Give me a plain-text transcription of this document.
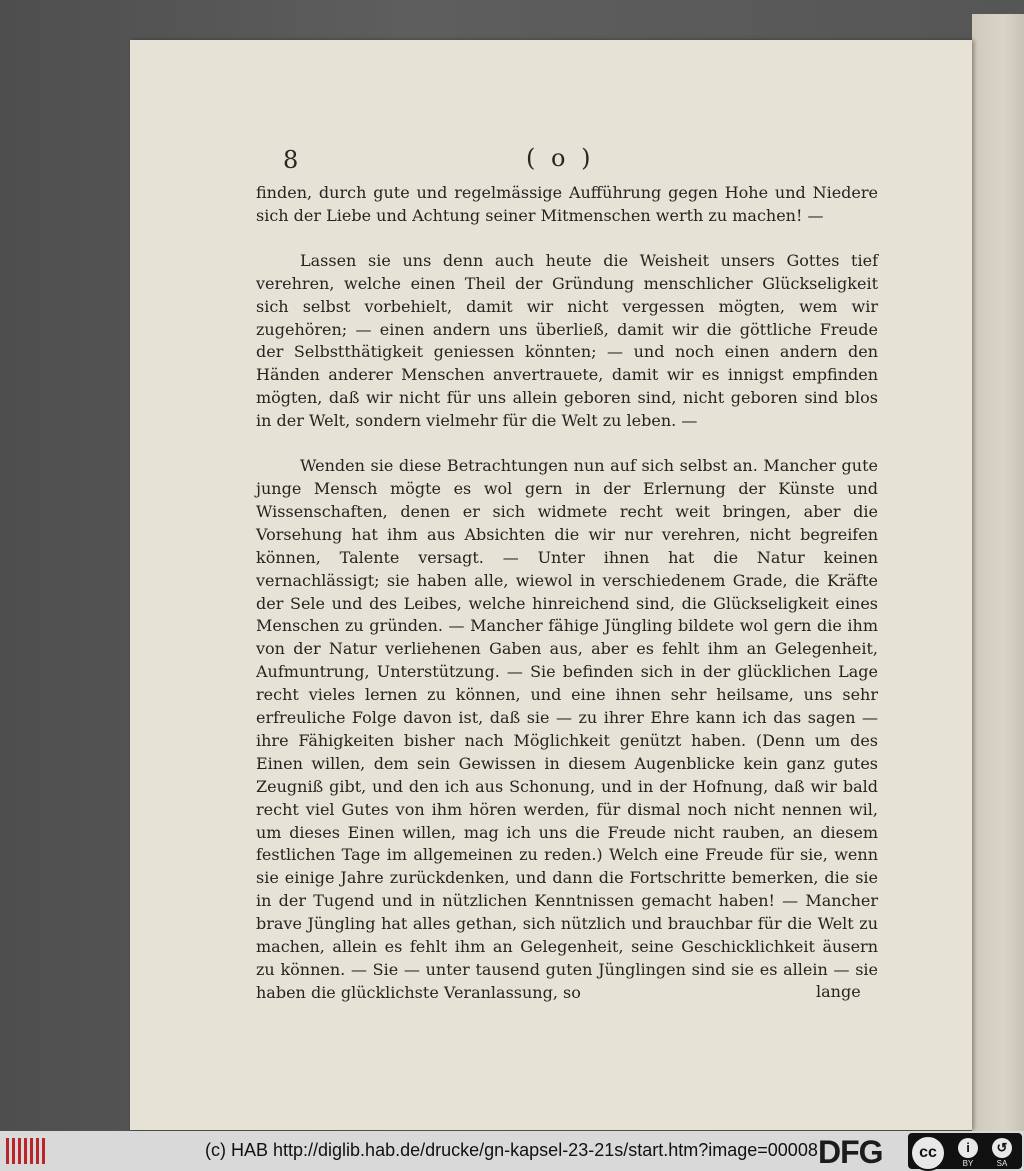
8	( o )

finden, durch gute und regelmässige Aufführung gegen Hohe und Niedere sich der Liebe und Achtung seiner Mitmenschen werth zu machen! —

Lassen sie uns denn auch heute die Weisheit unsers Gottes tief verehren, welche einen Theil der Gründung menschlicher Glückseligkeit sich selbst vorbehielt, damit wir nicht vergessen mögten, wem wir zugehören; — einen andern uns überließ, damit wir die göttliche Freude der Selbstthätigkeit geniessen könnten; — und noch einen andern den Händen anderer Menschen anvertrauete, damit wir es innigst empfinden mögten, daß wir nicht für uns allein geboren sind, nicht geboren sind blos in der Welt, sondern vielmehr für die Welt zu leben. —

Wenden sie diese Betrachtungen nun auf sich selbst an. Mancher gute junge Mensch mögte es wol gern in der Erlernung der Künste und Wissenschaften, denen er sich widmete recht weit bringen, aber die Vorsehung hat ihm aus Absichten die wir nur verehren, nicht begreifen können, Talente versagt. — Unter ihnen hat die Natur keinen vernachlässigt; sie haben alle, wiewol in verschiedenem Grade, die Kräfte der Sele und des Leibes, welche hinreichend sind, die Glückseligkeit eines Menschen zu gründen. — Mancher fähige Jüngling bildete wol gern die ihm von der Natur verliehenen Gaben aus, aber es fehlt ihm an Gelegenheit, Aufmuntrung, Unterstützung. — Sie befinden sich in der glücklichen Lage recht vieles lernen zu können, und eine ihnen sehr heilsame, uns sehr erfreuliche Folge davon ist, daß sie — zu ihrer Ehre kann ich das sagen — ihre Fähigkeiten bisher nach Möglichkeit genützt haben. (Denn um des Einen willen, dem sein Gewissen in diesem Augenblicke kein ganz gutes Zeugniß gibt, und den ich aus Schonung, und in der Hofnung, daß wir bald recht viel Gutes von ihm hören werden, für dismal noch nicht nennen wil, um dieses Einen willen, mag ich uns die Freude nicht rauben, an diesem festlichen Tage im allgemeinen zu reden.) Welch eine Freude für sie, wenn sie einige Jahre zurückdenken, und dann die Fortschritte bemerken, die sie in der Tugend und in nützlichen Kenntnissen gemacht haben! — Mancher brave Jüngling hat alles gethan, sich nützlich und brauchbar für die Welt zu machen, allein es fehlt ihm an Gelegenheit, seine Geschicklichkeit äusern zu können. — Sie — unter tausend guten Jünglingen sind sie es allein — sie haben die glücklichste Veranlassung, so	lange
(c) HAB http://diglib.hab.de/drucke/gn-kapsel-23-21s/start.htm?image=00008 DFG	cc	i	↺
BY	SA
